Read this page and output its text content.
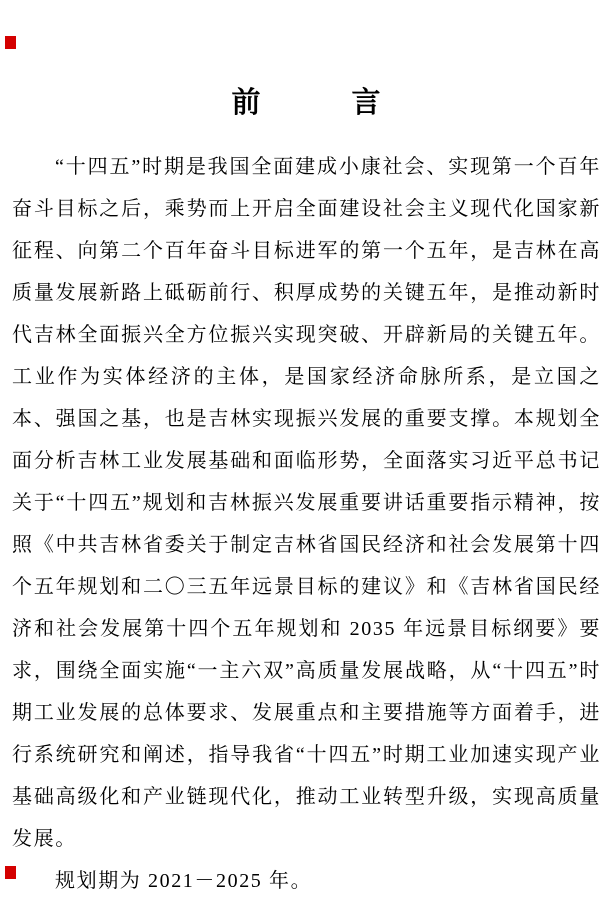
前　　　言

“十四五”时期是我国全面建成小康社会、实现第一个百年奋斗目标之后，乘势而上开启全面建设社会主义现代化国家新征程、向第二个百年奋斗目标进军的第一个五年，是吉林在高质量发展新路上砥砺前行、积厚成势的关键五年，是推动新时代吉林全面振兴全方位振兴实现突破、开辟新局的关键五年。工业作为实体经济的主体，是国家经济命脉所系，是立国之本、强国之基，也是吉林实现振兴发展的重要支撑。本规划全面分析吉林工业发展基础和面临形势，全面落实习近平总书记关于“十四五”规划和吉林振兴发展重要讲话重要指示精神，按照《中共吉林省委关于制定吉林省国民经济和社会发展第十四个五年规划和二〇三五年远景目标的建议》和《吉林省国民经济和社会发展第十四个五年规划和 2035 年远景目标纲要》要求，围绕全面实施“一主六双”高质量发展战略，从“十四五”时期工业发展的总体要求、发展重点和主要措施等方面着手，进行系统研究和阐述，指导我省“十四五”时期工业加速实现产业基础高级化和产业链现代化，推动工业转型升级，实现高质量发展。

规划期为 2021－2025 年。
